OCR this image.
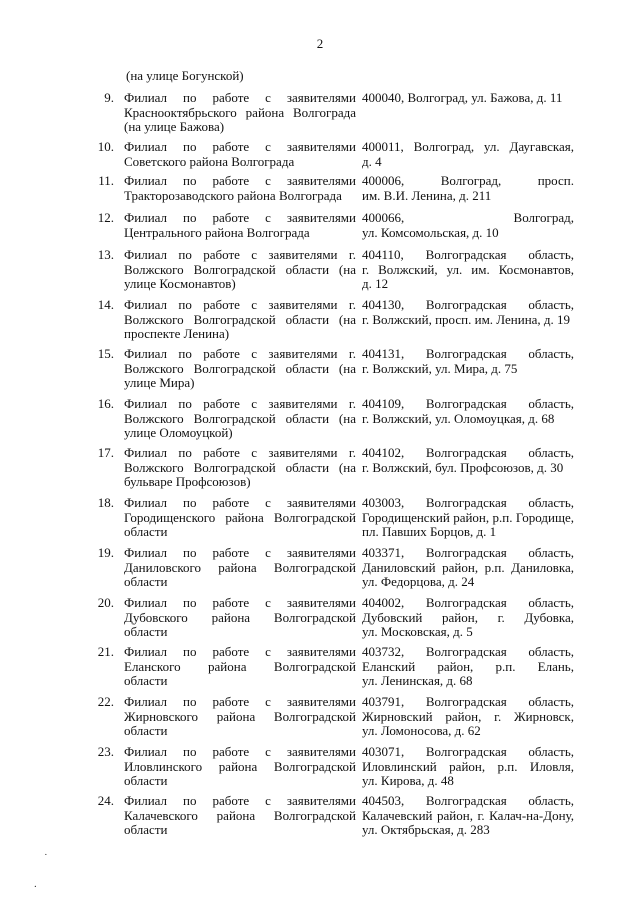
2
(на улице Богунской)
9. Филиал по работе с заявителями
Краснооктябрьского района Волгограда
(на улице Бажова)
400040, Волгоград, ул. Бажова, д. 11
10. Филиал по работе с заявителями
Советского района Волгограда
400011, Волгоград, ул. Даугавская,
д. 4
11. Филиал по работе с заявителями
Тракторозаводского района Волгограда
400006, Волгоград, просп.
им. В.И. Ленина, д. 211
12. Филиал по работе с заявителями
Центрального района Волгограда
400066, Волгоград,
ул. Комсомольская, д. 10
13. Филиал по работе с заявителями г.
Волжского Волгоградской области (на
улице Космонавтов)
404110, Волгоградская область,
г. Волжский, ул. им. Космонавтов,
д. 12
14. Филиал по работе с заявителями г.
Волжского Волгоградской области (на
проспекте Ленина)
404130, Волгоградская область,
г. Волжский, просп. им. Ленина, д. 19
15. Филиал по работе с заявителями г.
Волжского Волгоградской области (на
улице Мира)
404131, Волгоградская область,
г. Волжский, ул. Мира, д. 75
16. Филиал по работе с заявителями г.
Волжского Волгоградской области (на
улице Оломоуцкой)
404109, Волгоградская область,
г. Волжский, ул. Оломоуцкая, д. 68
17. Филиал по работе с заявителями г.
Волжского Волгоградской области (на
бульваре Профсоюзов)
404102, Волгоградская область,
г. Волжский, бул. Профсоюзов, д. 30
18. Филиал по работе с заявителями
Городищенского района Волгоградской
области
403003, Волгоградская область,
Городищенский район, р.п. Городище,
пл. Павших Борцов, д. 1
19. Филиал по работе с заявителями
Даниловского района Волгоградской
области
403371, Волгоградская область,
Даниловский район, р.п. Даниловка,
ул. Федорцова, д. 24
20. Филиал по работе с заявителями
Дубовского района Волгоградской
области
404002, Волгоградская область,
Дубовский район, г. Дубовка,
ул. Московская, д. 5
21. Филиал по работе с заявителями
Еланского района Волгоградской
области
403732, Волгоградская область,
Еланский район, р.п. Елань,
ул. Ленинская, д. 68
22. Филиал по работе с заявителями
Жирновского района Волгоградской
области
403791, Волгоградская область,
Жирновский район, г. Жирновск,
ул. Ломоносова, д. 62
23. Филиал по работе с заявителями
Иловлинского района Волгоградской
области
403071, Волгоградская область,
Иловлинский район, р.п. Иловля,
ул. Кирова, д. 48
24. Филиал по работе с заявителями
Калачевского района Волгоградской
области
404503, Волгоградская область,
Калачевский район, г. Калач-на-Дону,
ул. Октябрьская, д. 283
˙
.
